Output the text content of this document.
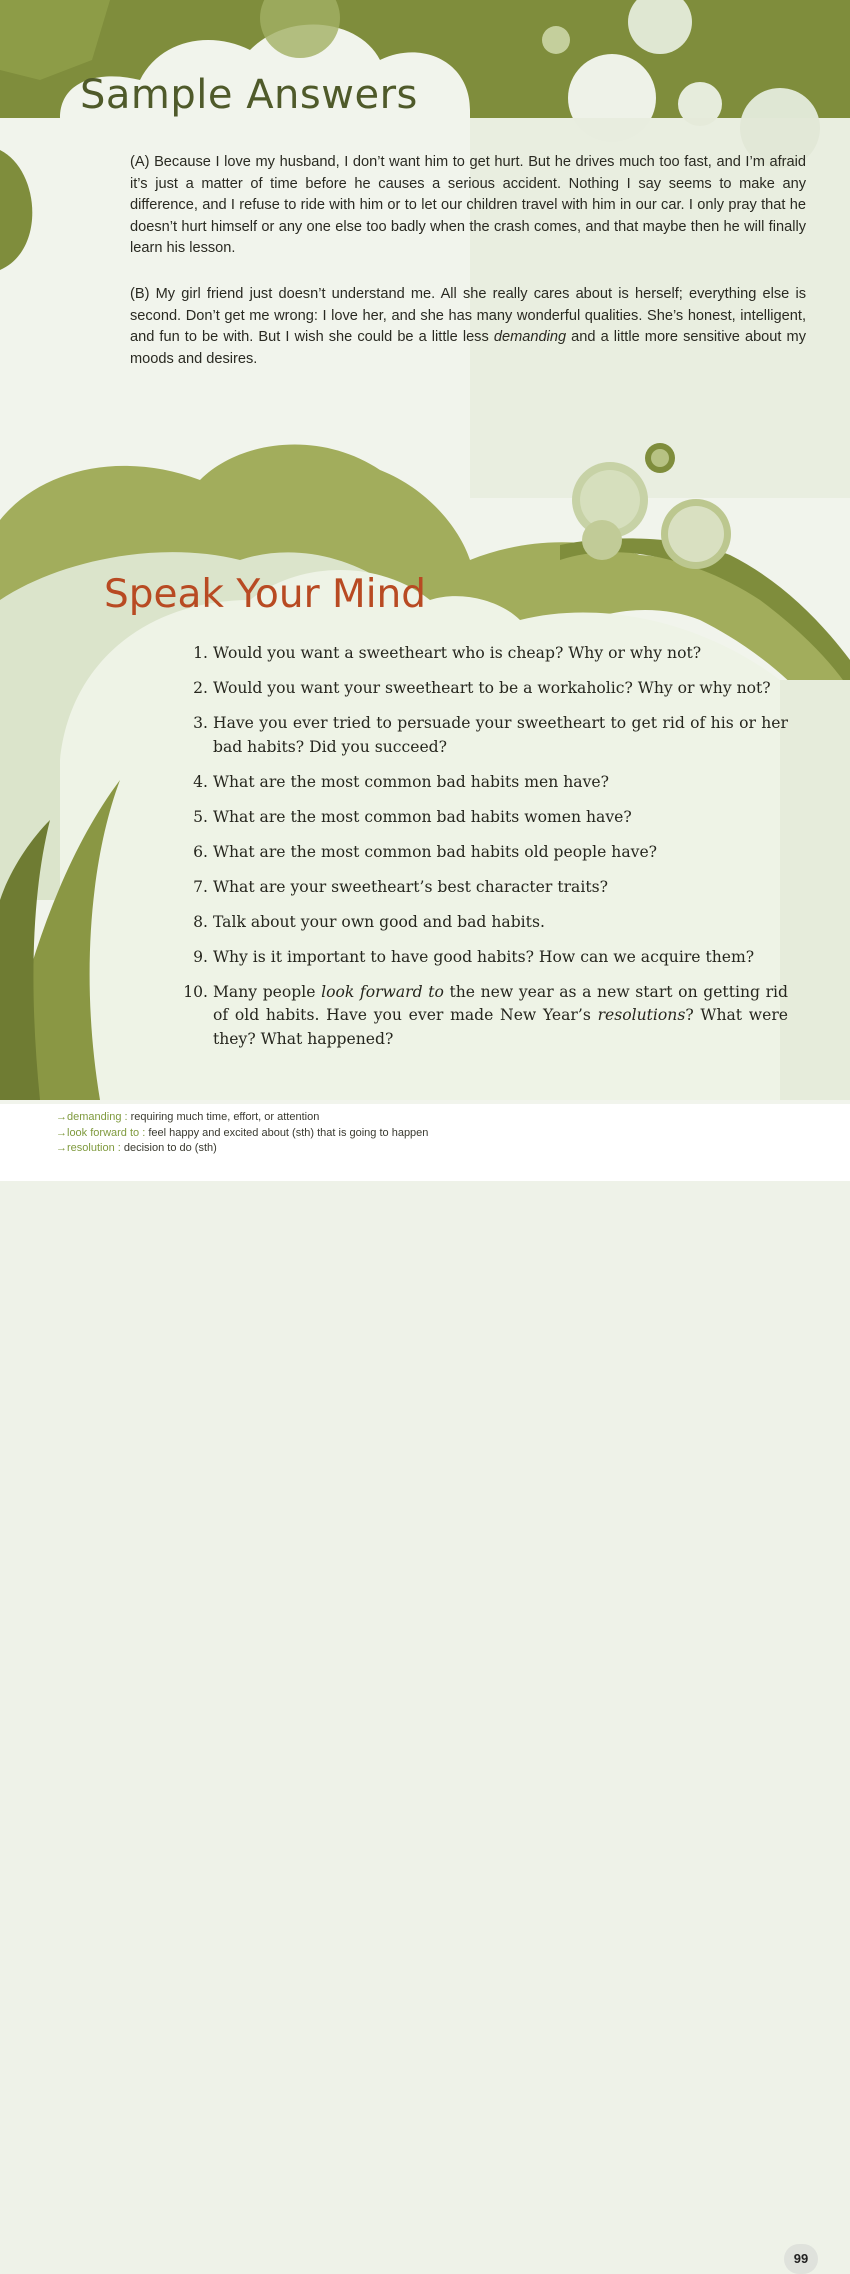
Sample Answers

(A) Because I love my husband, I don’t want him to get hurt. But he drives much too fast, and I’m afraid it’s just a matter of time before he causes a serious accident. Nothing I say seems to make any difference, and I refuse to ride with him or to let our children travel with him in our car. I only pray that he doesn’t hurt himself or any one else too badly when the crash comes, and that maybe then he will finally learn his lesson.

(B) My girl friend just doesn’t understand me. All she really cares about is herself; everything else is second. Don’t get me wrong: I love her, and she has many wonderful qualities. She’s honest, intelligent, and fun to be with. But I wish she could be a little less demanding and a little more sensitive about my moods and desires.

Speak Your Mind
1.
Would you want a sweetheart who is cheap? Why or why not?
2.
Would you want your sweetheart to be a workaholic? Why or why not?
3.
Have you ever tried to persuade your sweetheart to get rid of his or her bad habits? Did you succeed?
4.
What are the most common bad habits men have?
5.
What are the most common bad habits women have?
6.
What are the most common bad habits old people have?
7.
What are your sweetheart’s best character traits?
8.
Talk about your own good and bad habits.
9.
Why is it important to have good habits? How can we acquire them?
10.
Many people look forward to the new year as a new start on getting rid of old habits. Have you ever made New Year’s resolutions? What were they? What happened?
→demanding : requiring much time, effort, or attention
→look forward to : feel happy and excited about (sth) that is going to happen
→resolution : decision to do (sth)
99
